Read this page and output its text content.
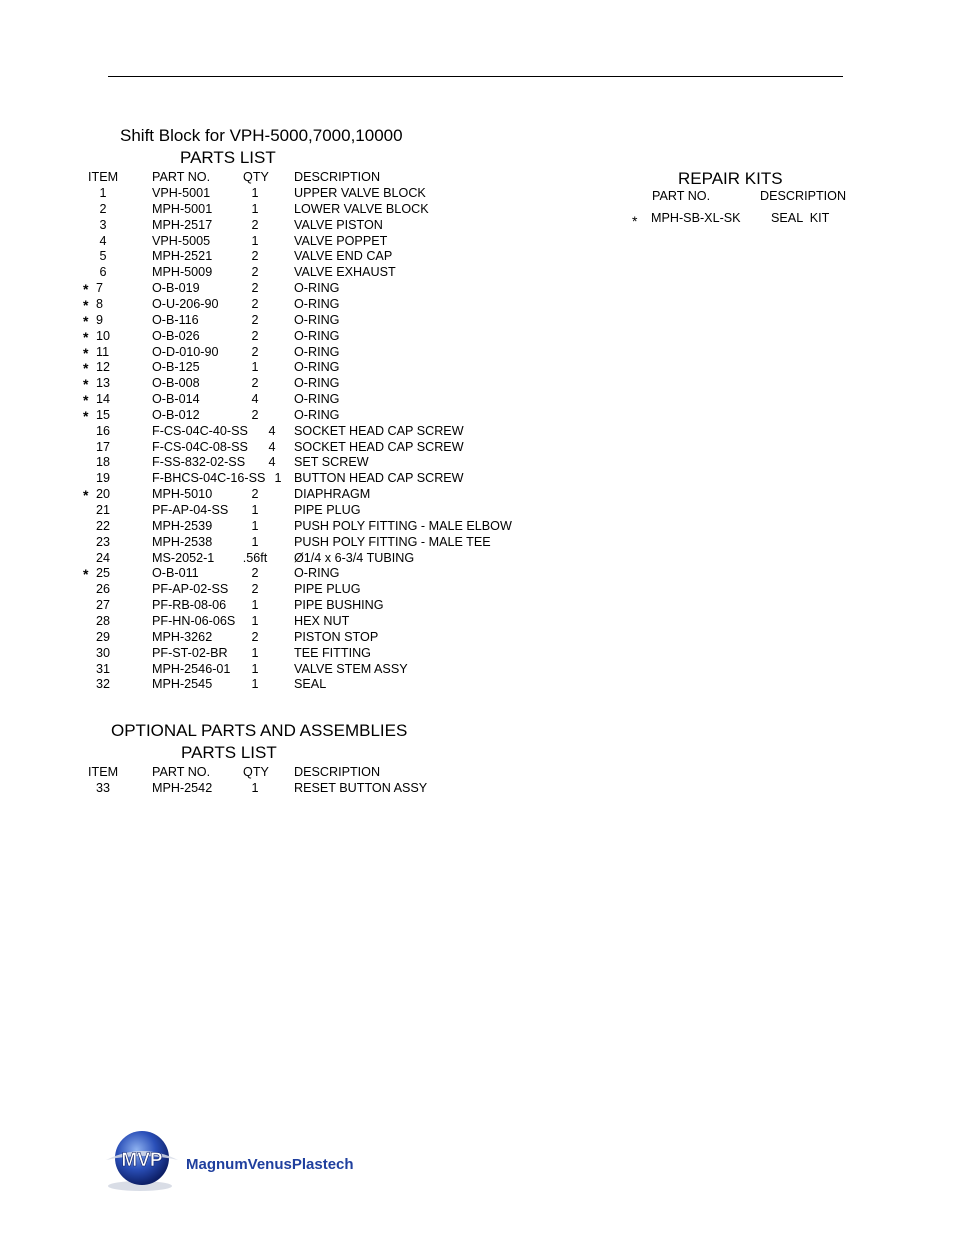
Shift Block for VPH-5000,7000,10000
PARTS LIST
ITEM	PART NO.	QTY DESCRIPTION
1	VPH-5001	1	UPPER VALVE BLOCK
2	MPH-5001	1	LOWER VALVE BLOCK
3	MPH-2517	2	VALVE PISTON
4	VPH-5005	1	VALVE POPPET
5	MPH-2521	2	VALVE END CAP
6	MPH-5009	2	VALVE EXHAUST
* 7	O-B-019	2	O-RING
* 8	O-U-206-90	2	O-RING
* 9	O-B-116	2	O-RING
* 10	O-B-026	2	O-RING
* 11	O-D-010-90	2	O-RING
* 12	O-B-125	1	O-RING
* 13	O-B-008	2	O-RING
* 14	O-B-014	4	O-RING
* 15	O-B-012	2	O-RING
16	F-CS-04C-40-SS	4	SOCKET HEAD CAP SCREW
17	F-CS-04C-08-SS	4	SOCKET HEAD CAP SCREW
18	F-SS-832-02-SS	4	SET SCREW
19	F-BHCS-04C-16-SS 1 BUTTON HEAD CAP SCREW
* 20	MPH-5010	2	DIAPHRAGM
21	PF-AP-04-SS	1	PIPE PLUG
22	MPH-2539	1	PUSH POLY FITTING - MALE ELBOW
23	MPH-2538	1	PUSH POLY FITTING - MALE TEE
24	MS-2052-1 .56ft Ø1/4 x 6-3/4 TUBING
* 25	O-B-011	2	O-RING
26	PF-AP-02-SS	2	PIPE PLUG
27	PF-RB-08-06	1	PIPE BUSHING
28	PF-HN-06-06S	1	HEX NUT
29	MPH-3262	2	PISTON STOP
30	PF-ST-02-BR	1	TEE FITTING
31	MPH-2546-01	1	VALVE STEM ASSY
32	MPH-2545	1	SEAL
OPTIONAL PARTS AND ASSEMBLIES
PARTS LIST
ITEM	PART NO.	QTY DESCRIPTION
33	MPH-2542	1	RESET BUTTON ASSY
REPAIR KITS
PART NO.	DESCRIPTION
* MPH-SB-XL-SK SEAL  KIT
MVP MagnumVenusPlastech
